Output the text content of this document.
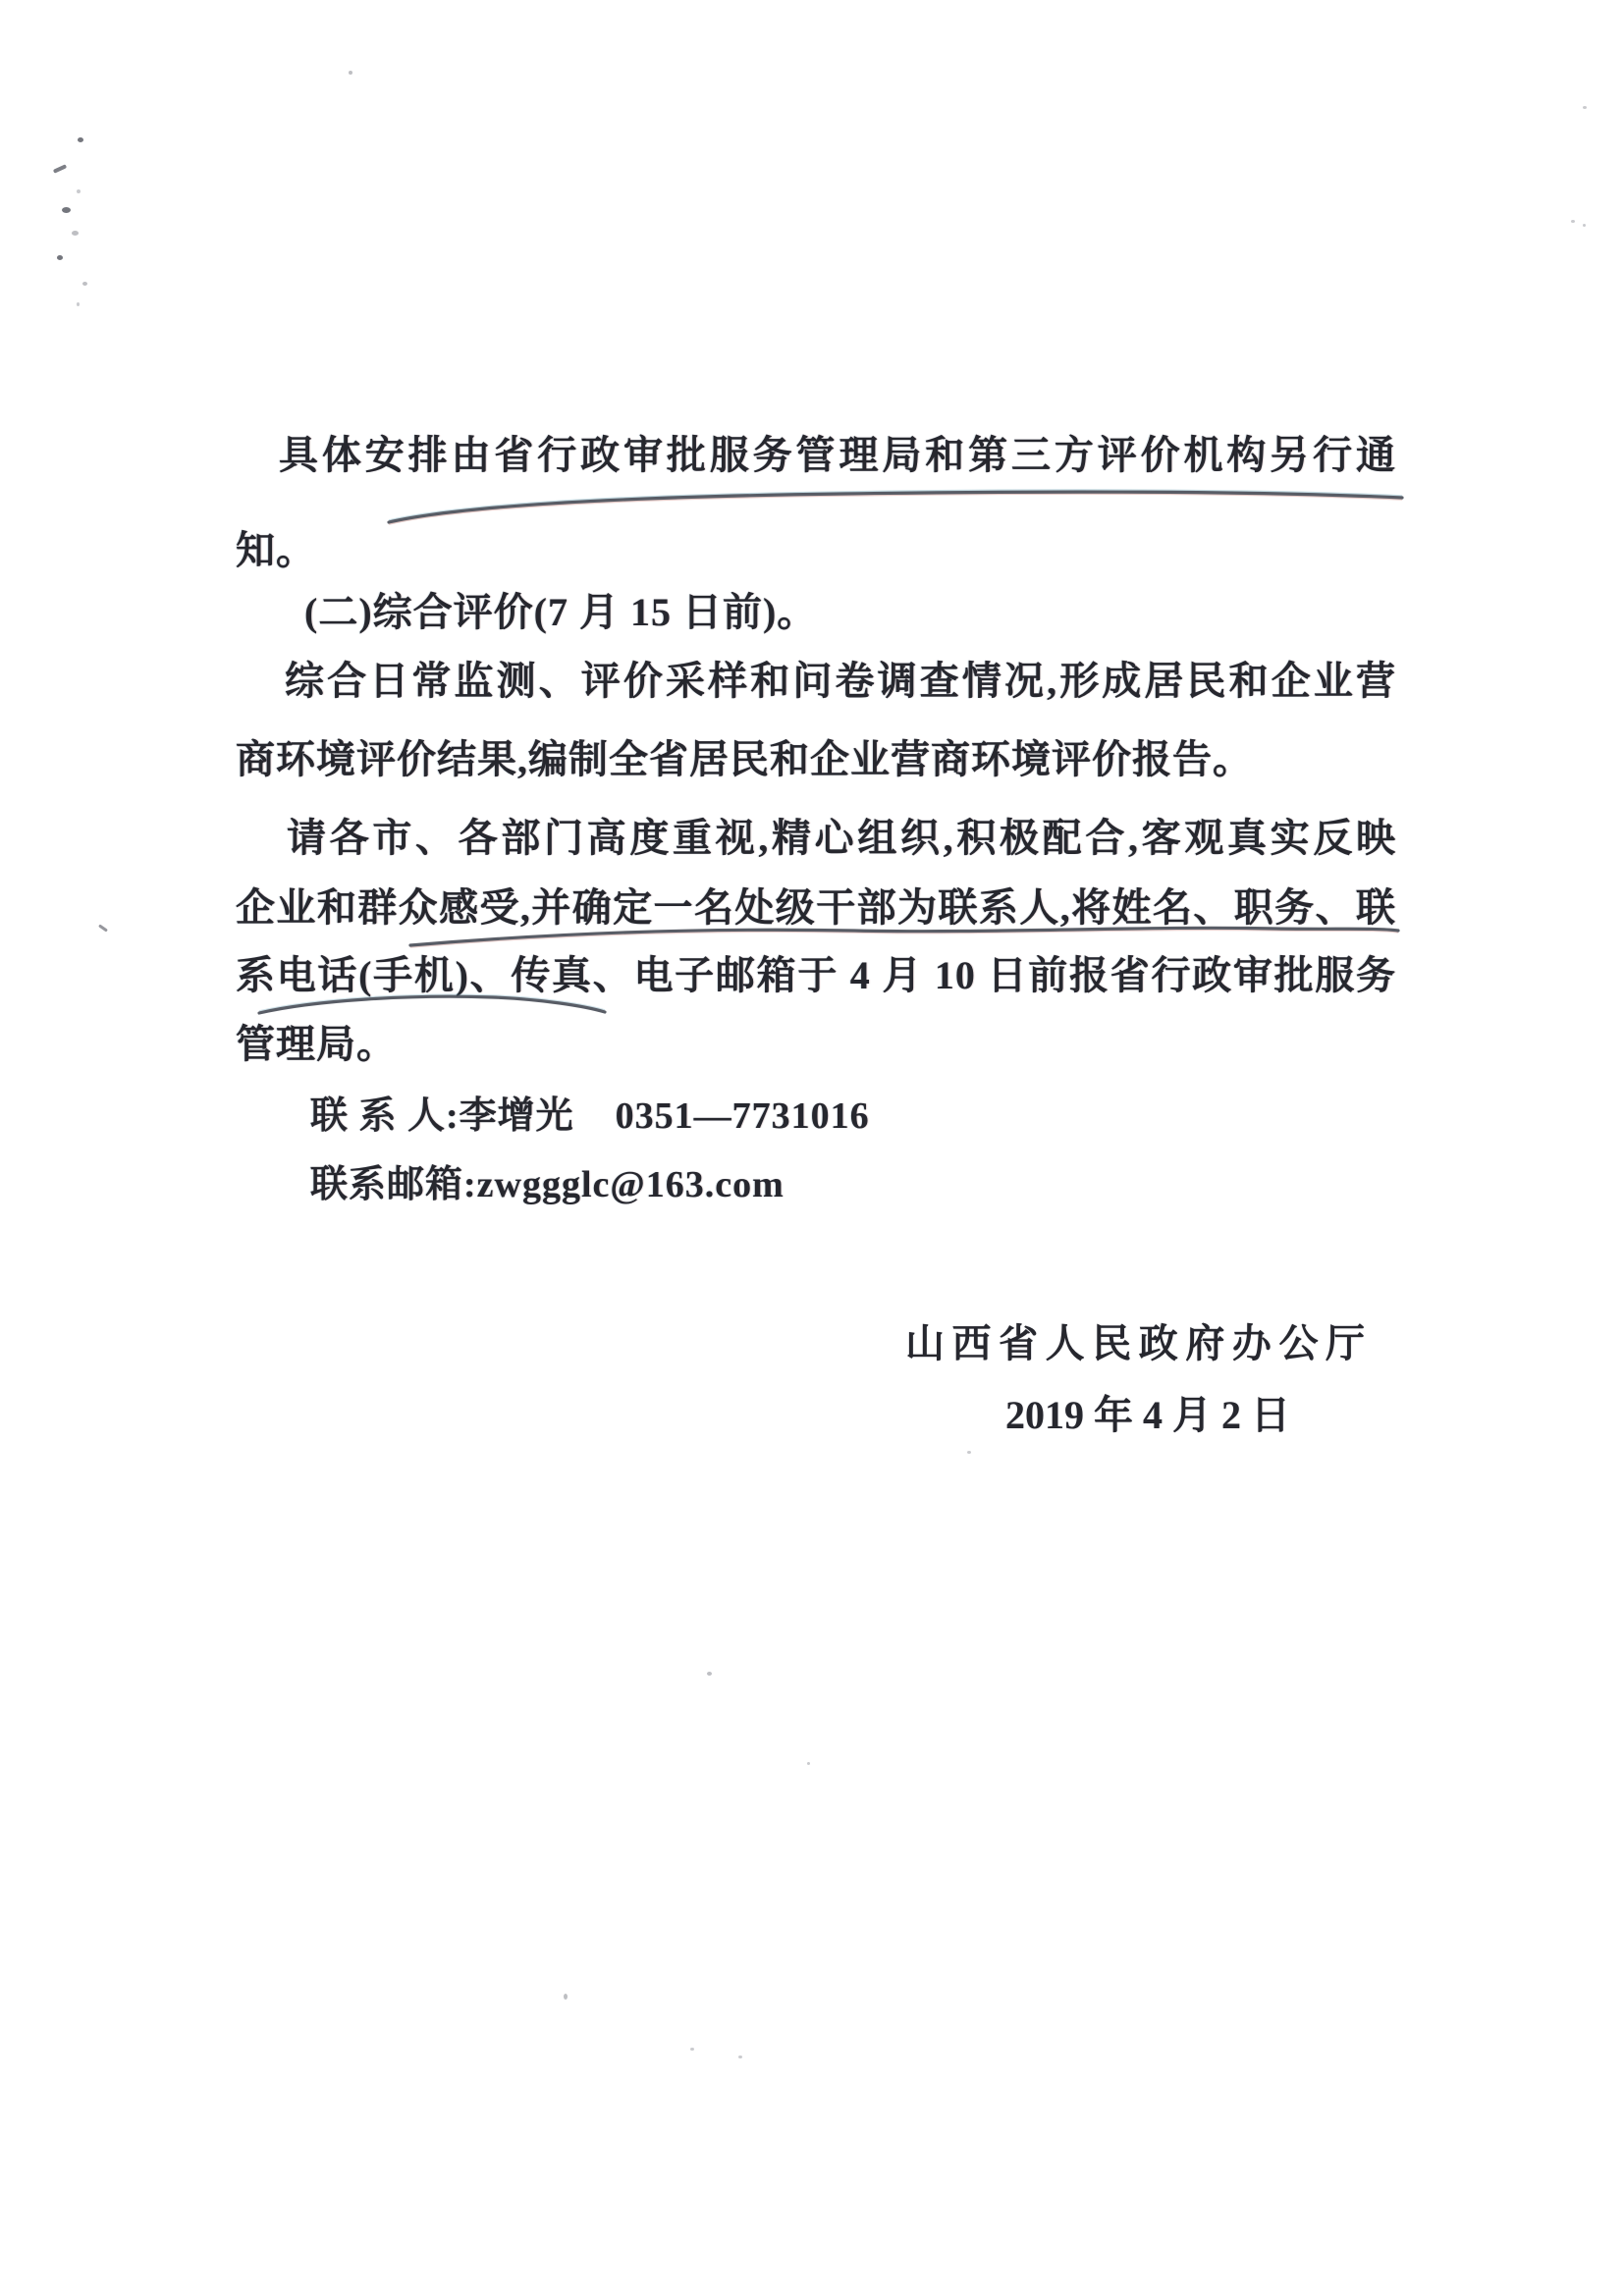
具体安排由省行政审批服务管理局和第三方评价机构另行通
知。
(二)综合评价(7 月 15 日前)。
综合日常监测、评价采样和问卷调查情况,形成居民和企业营
商环境评价结果,编制全省居民和企业营商环境评价报告。
请各市、各部门高度重视,精心组织,积极配合,客观真实反映
企业和群众感受,并确定一名处级干部为联系人,将姓名、职务、联
系电话(手机)、传真、电子邮箱于 4 月 10 日前报省行政审批服务
管理局。
联 系 人:李增光    0351—7731016
联系邮箱:zwggglc@163.com
山西省人民政府办公厅
2019 年 4 月 2 日
